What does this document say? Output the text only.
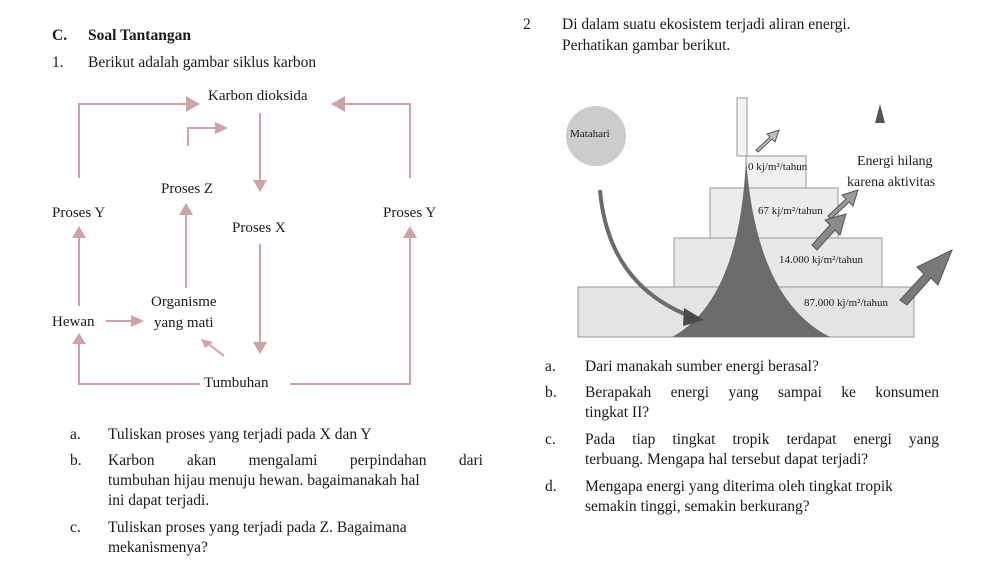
C. Soal Tantangan
1. Berikut adalah gambar siklus karbon
Karbon dioksida
Proses Z
Proses Y	Proses Y
Proses X
Hewan
Organisme
yang mati
Tumbuhan
a. Tuliskan proses yang terjadi pada X dan Y
b. Karbon akan mengalami perpindahan dari
tumbuhan hijau menuju hewan. bagaimanakah hal
ini dapat terjadi.
c. Tuliskan proses yang terjadi pada Z. Bagaimana
mekanismenya?
2 Di dalam suatu ekosistem terjadi aliran energi.
Perhatikan gambar berikut.
Matahari
Energi hilang
karena aktivitas
0 kj/m²/tahun
67 kj/m²/tahun
14.000 kj/m²/tahun
87.000 kj/m²/tahun
a. Dari manakah sumber energi berasal?
b. Berapakah energi yang sampai ke konsumen
tingkat II?
c. Pada tiap tingkat tropik terdapat energi yang
terbuang. Mengapa hal tersebut dapat terjadi?
d. Mengapa energi yang diterima oleh tingkat tropik
semakin tinggi, semakin berkurang?
